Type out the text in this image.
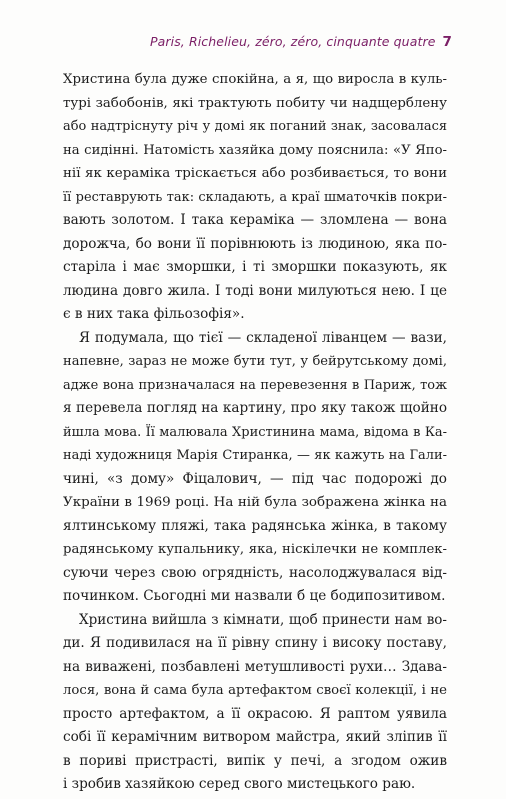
Paris, Richelieu, zéro, zéro, cinquante quatre 7

Христина була дуже спокійна, а я, що виросла в куль-

турі забобонів, які трактують побиту чи надщерблену

або надтріснуту річ у домі як поганий знак, засовалася

на сидінні. Натомість хазяйка дому пояснила: «У Япо-

нії як кераміка тріскається або розбивається, то вони

її реставрують так: складають, а краї шматочків покри-

вають золотом. І така кераміка — зломлена — вона

дорожча, бо вони її порівнюють із людиною, яка по-

старіла і має зморшки, і ті зморшки показують, як

людина довго жила. І тоді вони милуються нею. І це

є в них така фільозофія».

Я подумала, що тієї — складеної ліванцем — вази,

напевне, зараз не може бути тут, у бейрутському домі,

адже вона призначалася на перевезення в Париж, тож

я перевела погляд на картину, про яку також щойно

йшла мова. Її малювала Христинина мама, відома в Ка-

наді художниця Марія Стиранка, — як кажуть на Гали-

чині, «з дому» Фіцалович, — під час подорожі до

України в 1969 році. На ній була зображена жінка на

ялтинському пляжі, така радянська жінка, в такому

радянському купальнику, яка, ніскілечки не комплек-

суючи через свою огрядність, насолоджувалася від-

починком. Сьогодні ми назвали б це бодипозитивом.

Христина вийшла з кімнати, щоб принести нам во-

ди. Я подивилася на її рівну спину і високу поставу,

на виважені, позбавлені метушливості рухи… Здава-

лося, вона й сама була артефактом своєї колекції, і не

просто артефактом, а її окрасою. Я раптом уявила

собі її керамічним витвором майстра, який зліпив її

в пориві пристрасті, випік у печі, а згодом ожив

і зробив хазяйкою серед свого мистецького раю.
